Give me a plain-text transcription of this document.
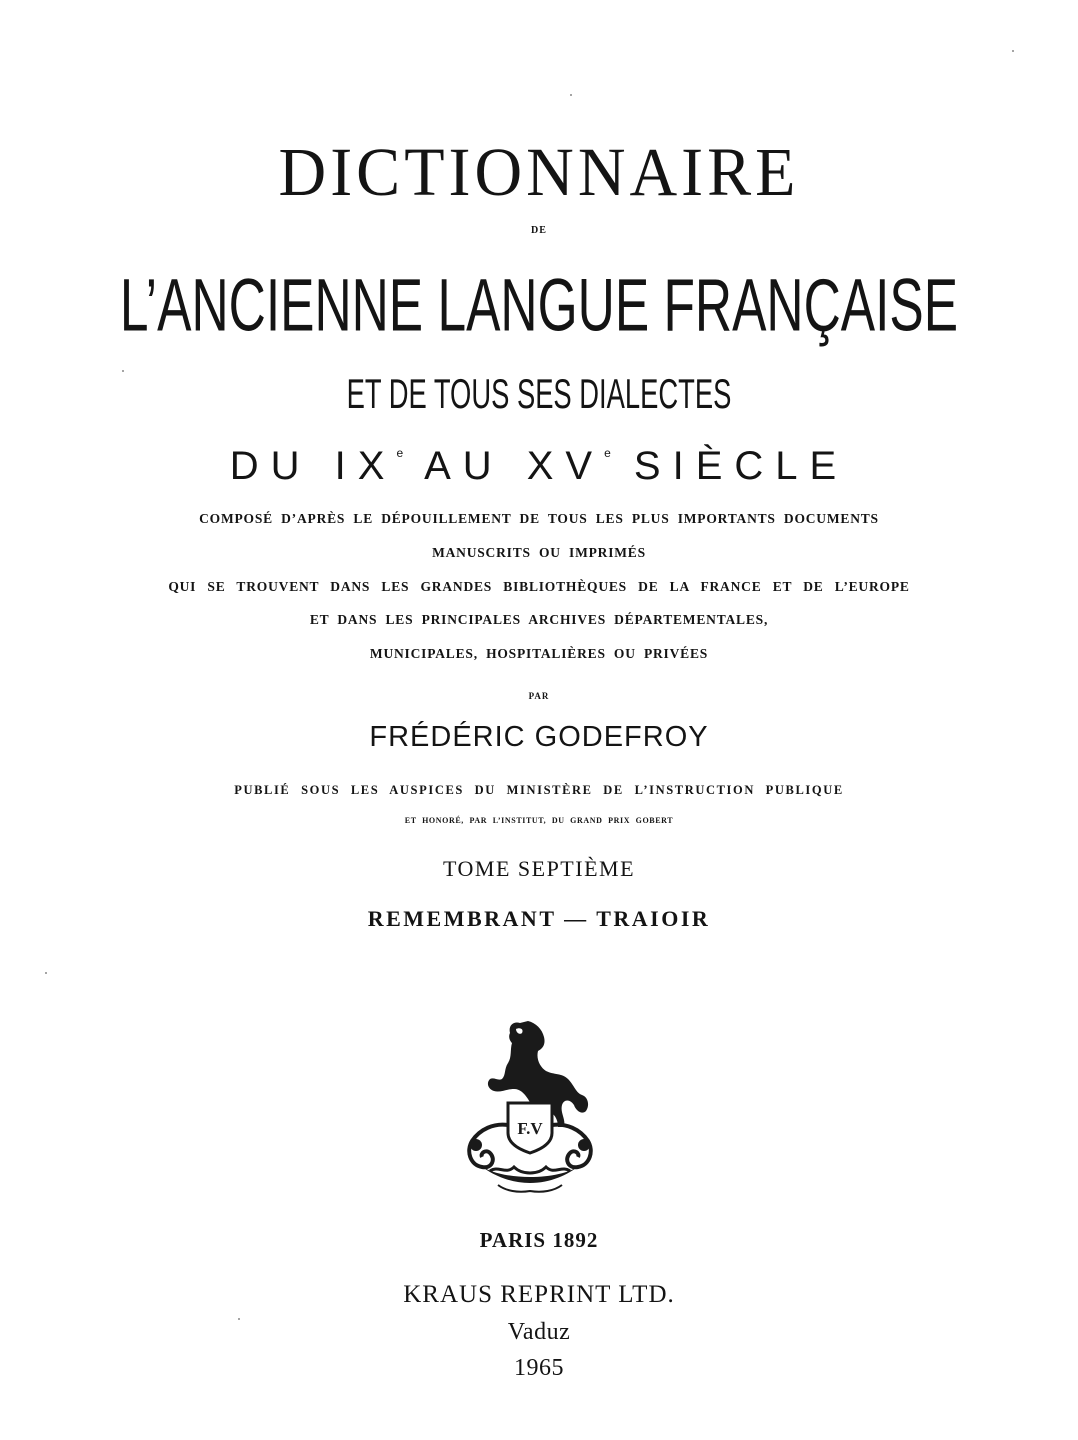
DICTIONNAIRE
DE
L’ANCIENNE LANGUE FRANÇAISE
ET DE TOUS SES DIALECTES
DU IXe AU XVe SIÈCLE
COMPOSÉ D’APRÈS LE DÉPOUILLEMENT DE TOUS LES PLUS IMPORTANTS DOCUMENTS
MANUSCRITS OU IMPRIMÉS
QUI SE TROUVENT DANS LES GRANDES BIBLIOTHÈQUES DE LA FRANCE ET DE L’EUROPE
ET DANS LES PRINCIPALES ARCHIVES DÉPARTEMENTALES,
MUNICIPALES, HOSPITALIÈRES OU PRIVÉES
PAR
FRÉDÉRIC GODEFROY
PUBLIÉ SOUS LES AUSPICES DU MINISTÈRE DE L’INSTRUCTION PUBLIQUE
ET HONORÉ, PAR L’INSTITUT, DU GRAND PRIX GOBERT
TOME SEPTIÈME
REMEMBRANT — TRAIOIR
F.V
PARIS 1892
KRAUS REPRINT LTD.
Vaduz
1965
